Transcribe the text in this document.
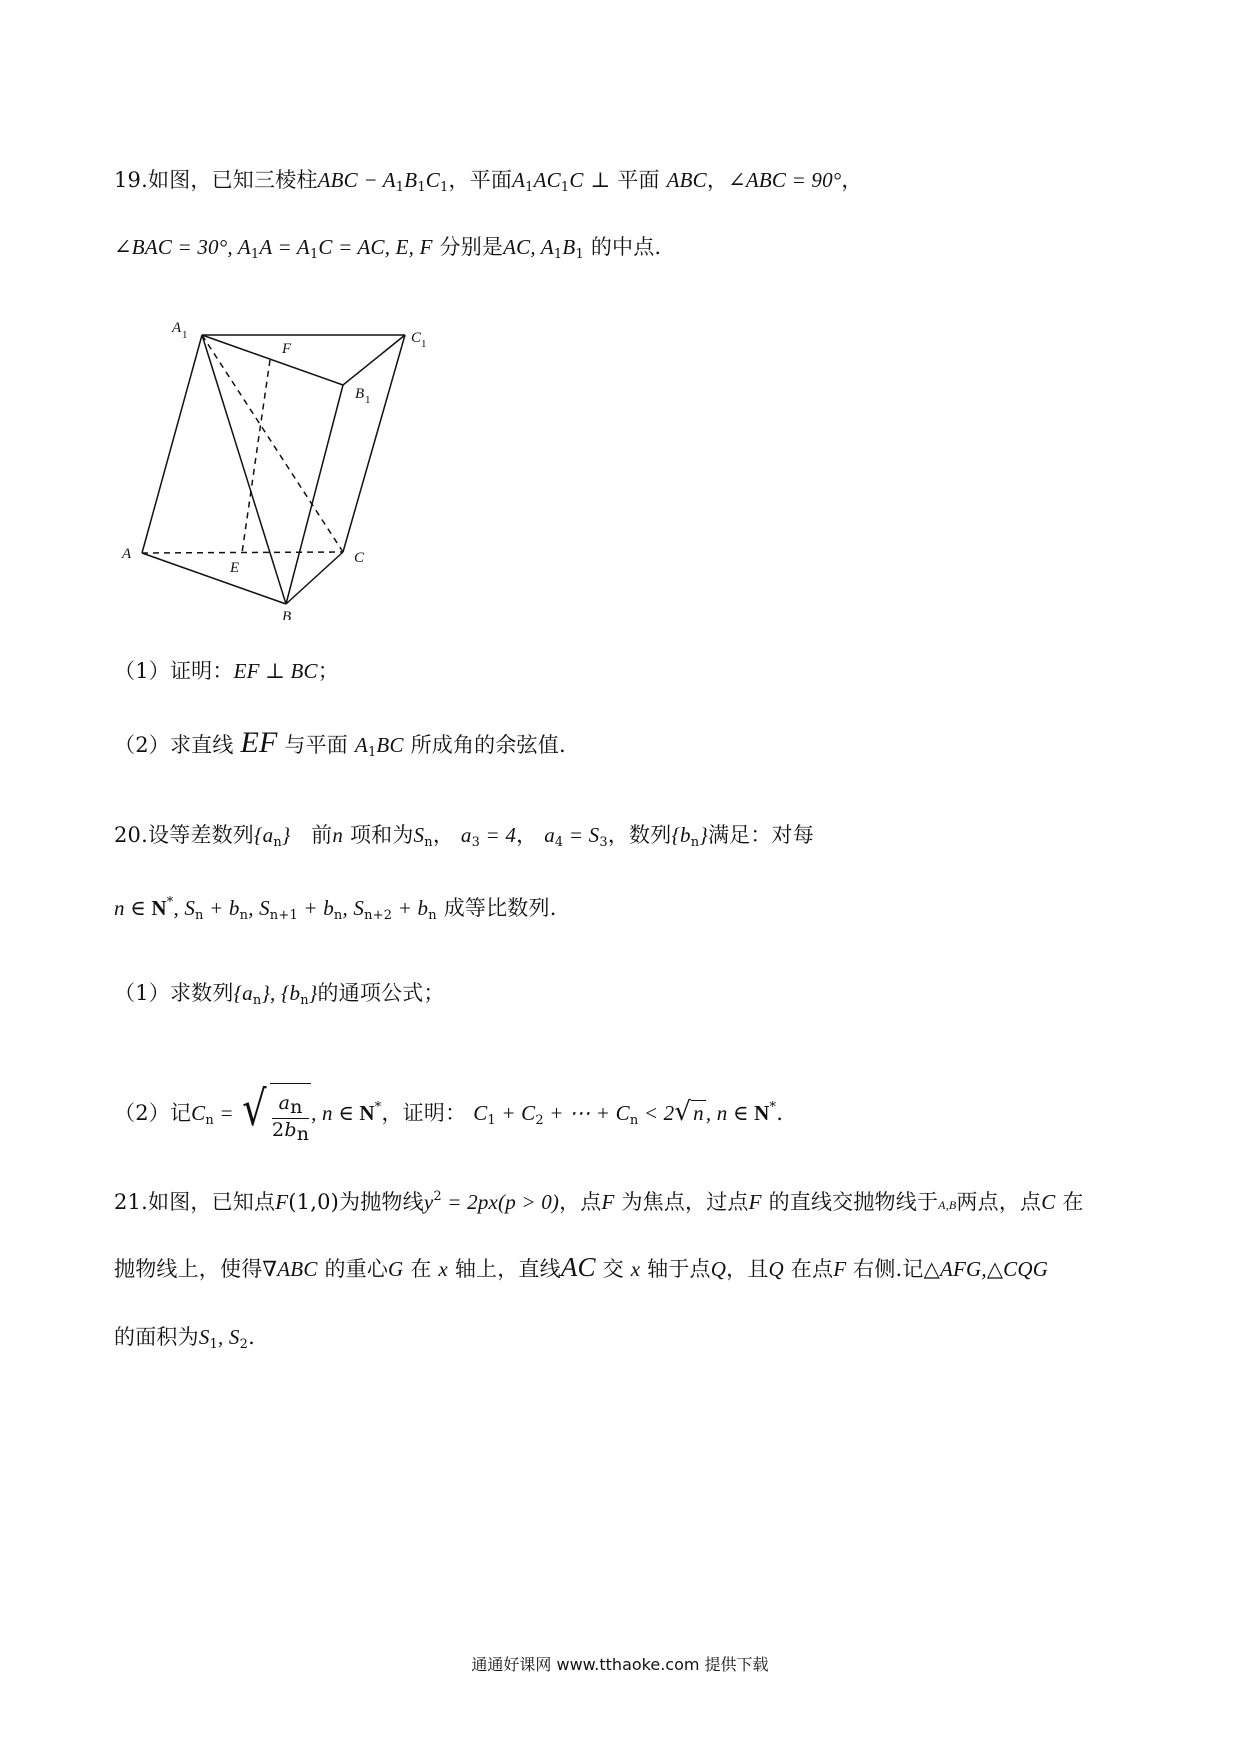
19.如图，已知三棱柱ABC − $A_1B_1C_1$，平面$A_1AC_1C$ ⊥ 平面 ABC，∠ABC = 90°，
∠BAC = 30°, $A_1A = A_1C$ = AC, E, F 分别是AC, $A_1B_1$ 的中点.
A 1	C 1
B 1
F
A
E
C
B
（1）证明：EF ⊥ BC；
（2）求直线 EF 与平面 $A_1BC$ 所成角的余弦值.
20.设等差数列$\{a_n\}$ 前n 项和为$S_n$， $a_3 = 4$， $a_4 = S_3$，数列$\{b_n\}$满足：对每
n ∈ N*, $S_n + b_n$, $S_{n+1} + b_n$, $S_{n+2} + b_n$ 成等比数列.
（1）求数列$\{a_n\}$, $\{b_n\}$的通项公式；
（2）记$C_n$ = √ $\frac{an}{2bn}$ , n ∈ N*，证明： $C_1 + C_2$ + ⋯ + $C_n < 2√n$, n ∈ N*.
21.如图，已知点F(1,0)为抛物线$y^2 = 2px(p > 0)$，点F 为焦点，过点F 的直线交抛物线于A,B两点，点C 在
抛物线上，使得∇ABC 的重心G 在 x 轴上，直线AC 交 x 轴于点Q，且Q 在点F 右侧.记△AFG,△CQG
的面积为$S_1$, $S_2$.
通通好课网 www.tthaoke.com 提供下载
